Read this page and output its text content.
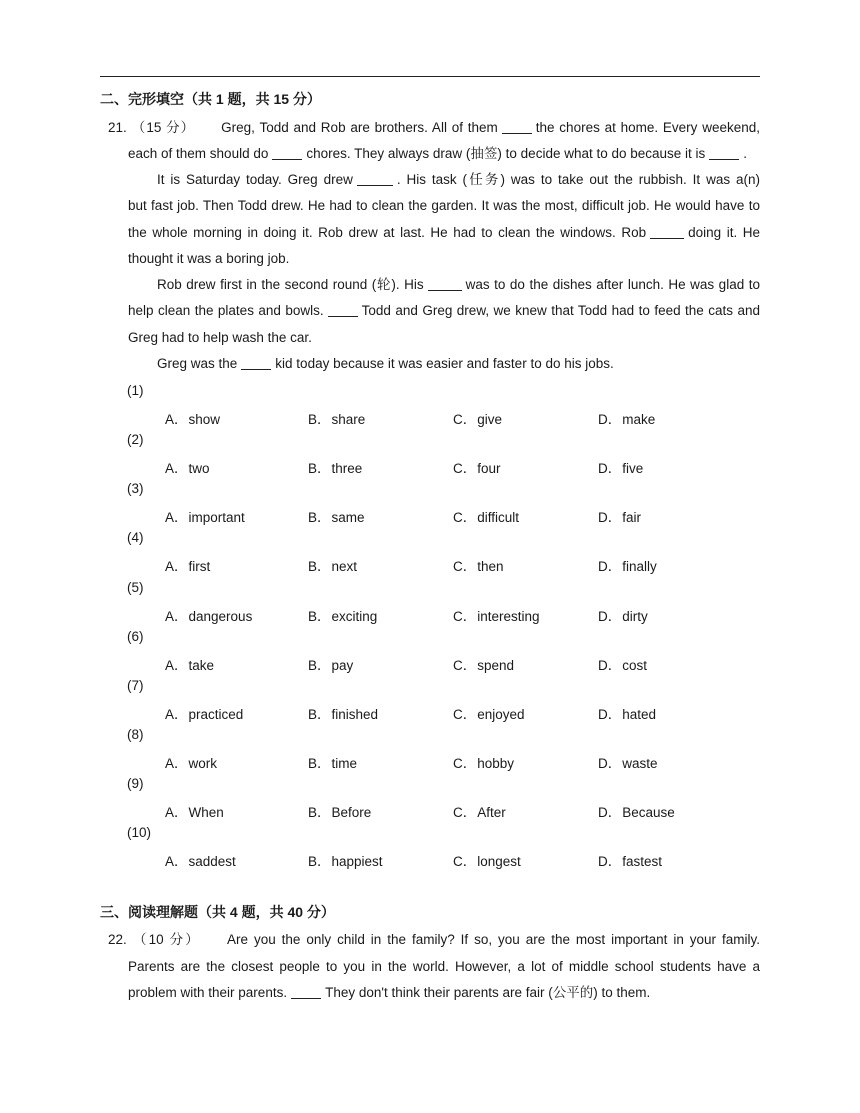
二、完形填空（共 1 题，共 15 分）
21. （15 分） Greg, Todd and Rob are brothers. All of them	the chores at home. Every weekend,
each of them should do	chores. They always draw (抽签) to decide what to do because it is	.
It is Saturday today. Greg drew	. His task (任务) was to take out the rubbish. It was a(n)
but fast job. Then Todd drew. He had to clean the garden. It was the most, difficult job. He would have to
the whole morning in doing it. Rob drew at last. He had to clean the windows. Rob	doing it. He
thought it was a boring job.
Rob drew first in the second round (轮). His	was to do the dishes after lunch. He was glad to
help clean the plates and bowls.	Todd and Greg drew, we knew that Todd had to feed the cats and
Greg had to help wash the car.
Greg was the	kid today because it was easier and faster to do his jobs.
(1)
A．show	B．share	C．give	D．make
(2)
A．two	B．three	C．four	D．five
(3)
A．important	B．same	C．difficult	D．fair
(4)
A．first	B．next	C．then	D．finally
(5)
A．dangerous	B．exciting	C．interesting	D．dirty
(6)
A．take	B．pay	C．spend	D．cost
(7)
A．practiced	B．finished	C．enjoyed	D．hated
(8)
A．work	B．time	C．hobby	D．waste
(9)
A．When	B．Before	C．After	D．Because
(10)
A．saddest	B．happiest	C．longest	D．fastest
三、阅读理解题（共 4 题，共 40 分）
22. （10 分） Are you the only child in the family? If so, you are the most important in your family.
Parents are the closest people to you in the world. However, a lot of middle school students have a
problem with their parents.	They don't think their parents are fair (公平的) to them.
